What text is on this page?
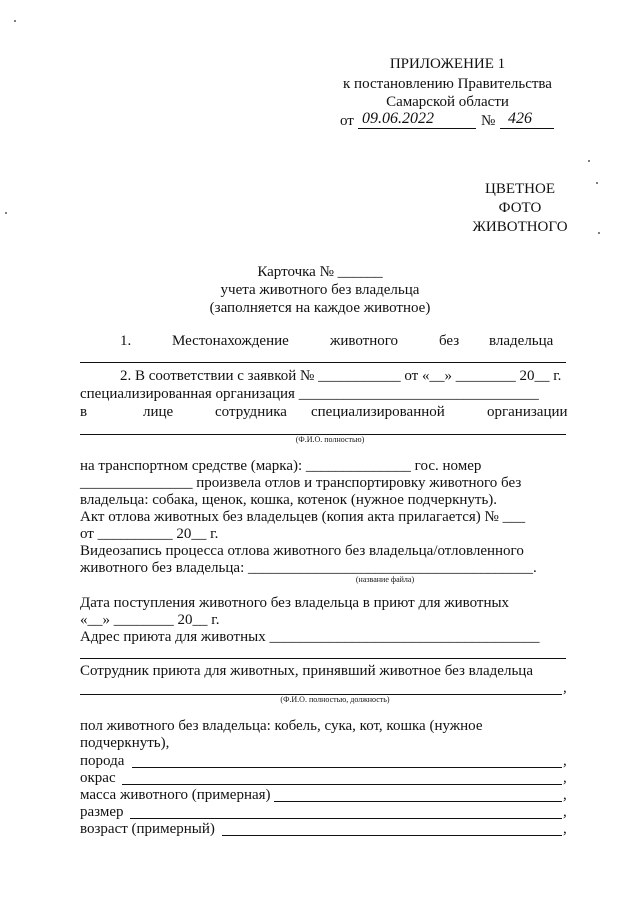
ПРИЛОЖЕНИЕ 1
к постановлению Правительства
Самарской области
от 09.06.2022	№ 426
ЦВЕТНОЕ
ФОТО
ЖИВОТНОГО
Карточка № ______
учета животного без владельца
(заполняется на каждое животное)
1.	Местонахождение	животного	без владельца
2. В соответствии с заявкой № ___________ от «__» ________ 20__ г.
специализированная организация ________________________________
в	лице	сотрудника специализированной	организации
(Ф.И.О. полностью)
на транспортном средстве (марка): ______________ гос. номер
_______________ произвела отлов и транспортировку животного без
владельца: собака, щенок, кошка, котенок (нужное подчеркнуть).
Акт отлова животных без владельцев (копия акта прилагается) № ___
от __________ 20__ г.
Видеозапись процесса отлова животного без владельца/отловленного
животного без владельца: ______________________________________.
(название файла)
Дата поступления животного без владельца в приют для животных
«__» ________ 20__ г.
Адрес приюта для животных ____________________________________
Сотрудник приюта для животных, принявший животное без владельца
,
(Ф.И.О. полностью, должность)
пол животного без владельца: кобель, сука, кот, кошка (нужное
подчеркнуть),
порода	,
окрас	,
масса животного (примерная)	,
размер	,
возраст (примерный)	,
